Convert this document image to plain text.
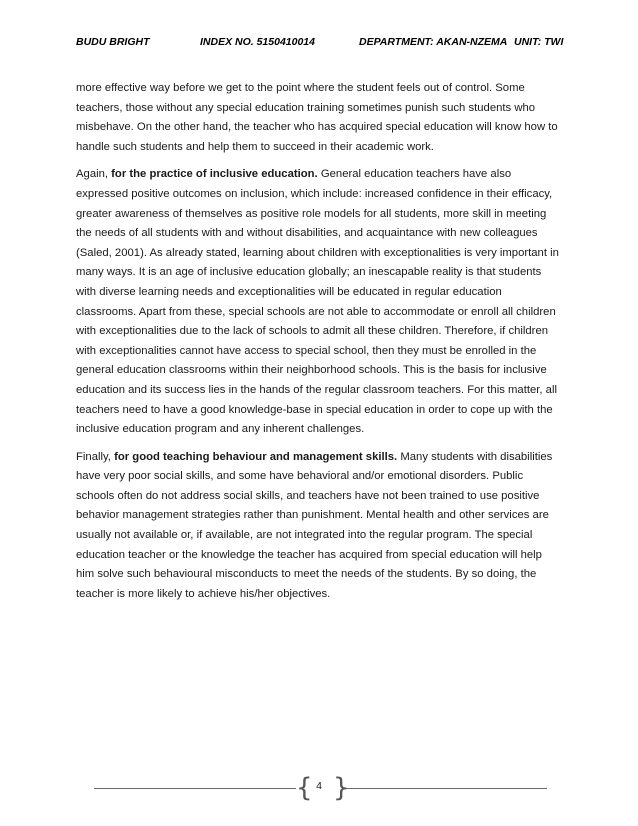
BUDU BRIGHT	INDEX NO. 5150410014	DEPARTMENT: AKAN-NZEMA UNIT: TWI

more effective way before we get to the point where the student feels out of control. Some teachers, those without any special education training sometimes punish such students who misbehave. On the other hand, the teacher who has acquired special education will know how to handle such students and help them to succeed in their academic work.

Again, for the practice of inclusive education. General education teachers have also expressed positive outcomes on inclusion, which include: increased confidence in their efficacy, greater awareness of themselves as positive role models for all students, more skill in meeting the needs of all students with and without disabilities, and acquaintance with new colleagues (Saled, 2001). As already stated, learning about children with exceptionalities is very important in many ways. It is an age of inclusive education globally; an inescapable reality is that students with diverse learning needs and exceptionalities will be educated in regular education classrooms. Apart from these, special schools are not able to accommodate or enroll all children with exceptionalities due to the lack of schools to admit all these children. Therefore, if children with exceptionalities cannot have access to special school, then they must be enrolled in the general education classrooms within their neighborhood schools. This is the basis for inclusive education and its success lies in the hands of the regular classroom teachers. For this matter, all teachers need to have a good knowledge-base in special education in order to cope up with the inclusive education program and any inherent challenges.

Finally, for good teaching behaviour and management skills. Many students with disabilities have very poor social skills, and some have behavioral and/or emotional disorders. Public schools often do not address social skills, and teachers have not been trained to use positive behavior management strategies rather than punishment. Mental health and other services are usually not available or, if available, are not integrated into the regular program. The special education teacher or the knowledge the teacher has acquired from special education will help him solve such behavioural misconducts to meet the needs of the students. By so doing, the teacher is more likely to achieve his/her objectives.

{ }
4
